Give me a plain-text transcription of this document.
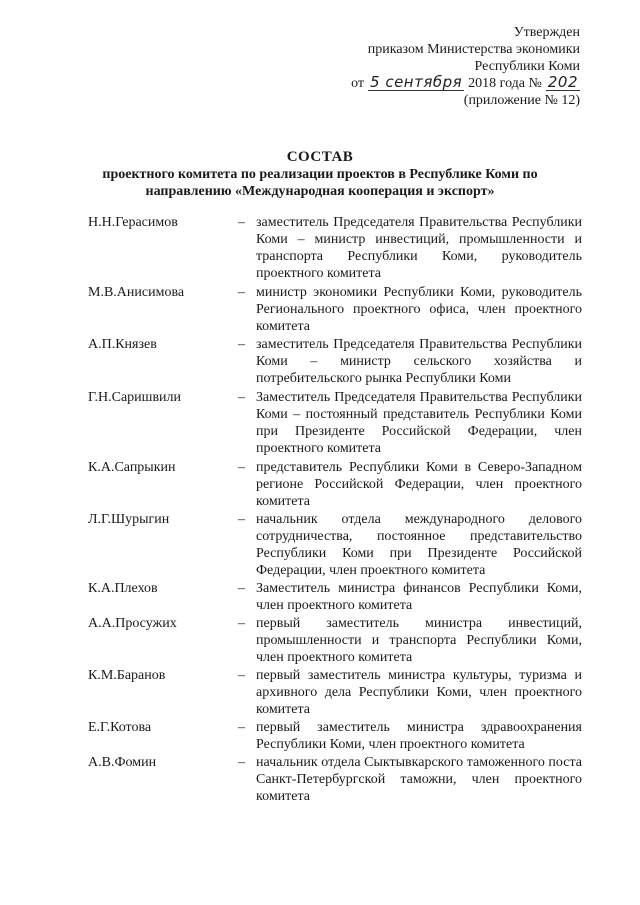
Утвержден
приказом Министерства экономики
Республики Коми
от 5 сентября 2018 года № 202
(приложение № 12)
СОСТАВ
проектного комитета по реализации проектов в Республике Коми по
направлению «Международная кооперация и экспорт»
Н.Н.Герасимов	– заместитель Председателя Правительства Республики Коми – министр инвестиций, промышленности и транспорта Республики Коми, руководитель проектного комитета
М.В.Анисимова	– министр экономики Республики Коми, руководитель Регионального проектного офиса, член проектного комитета
А.П.Князев	– заместитель Председателя Правительства Республики Коми – министр сельского хозяйства и потребительского рынка Республики Коми
Г.Н.Саришвили	– Заместитель Председателя Правительства Республики Коми – постоянный представитель Республики Коми при Президенте Российской Федерации, член проектного комитета
К.А.Сапрыкин	– представитель Республики Коми в Северо-Западном регионе Российской Федерации, член проектного комитета
Л.Г.Шурыгин	– начальник отдела международного делового сотрудничества, постоянное представительство Республики Коми при Президенте Российской Федерации, член проектного комитета
К.А.Плехов	– Заместитель министра финансов Республики Коми, член проектного комитета
А.А.Просужих	– первый заместитель министра инвестиций, промышленности и транспорта Республики Коми, член проектного комитета
К.М.Баранов	– первый заместитель министра культуры, туризма и архивного дела Республики Коми, член проектного комитета
Е.Г.Котова	– первый заместитель министра здравоохранения Республики Коми, член проектного комитета
А.В.Фомин	– начальник отдела Сыктывкарского таможенного поста Санкт-Петербургской таможни, член проектного комитета
